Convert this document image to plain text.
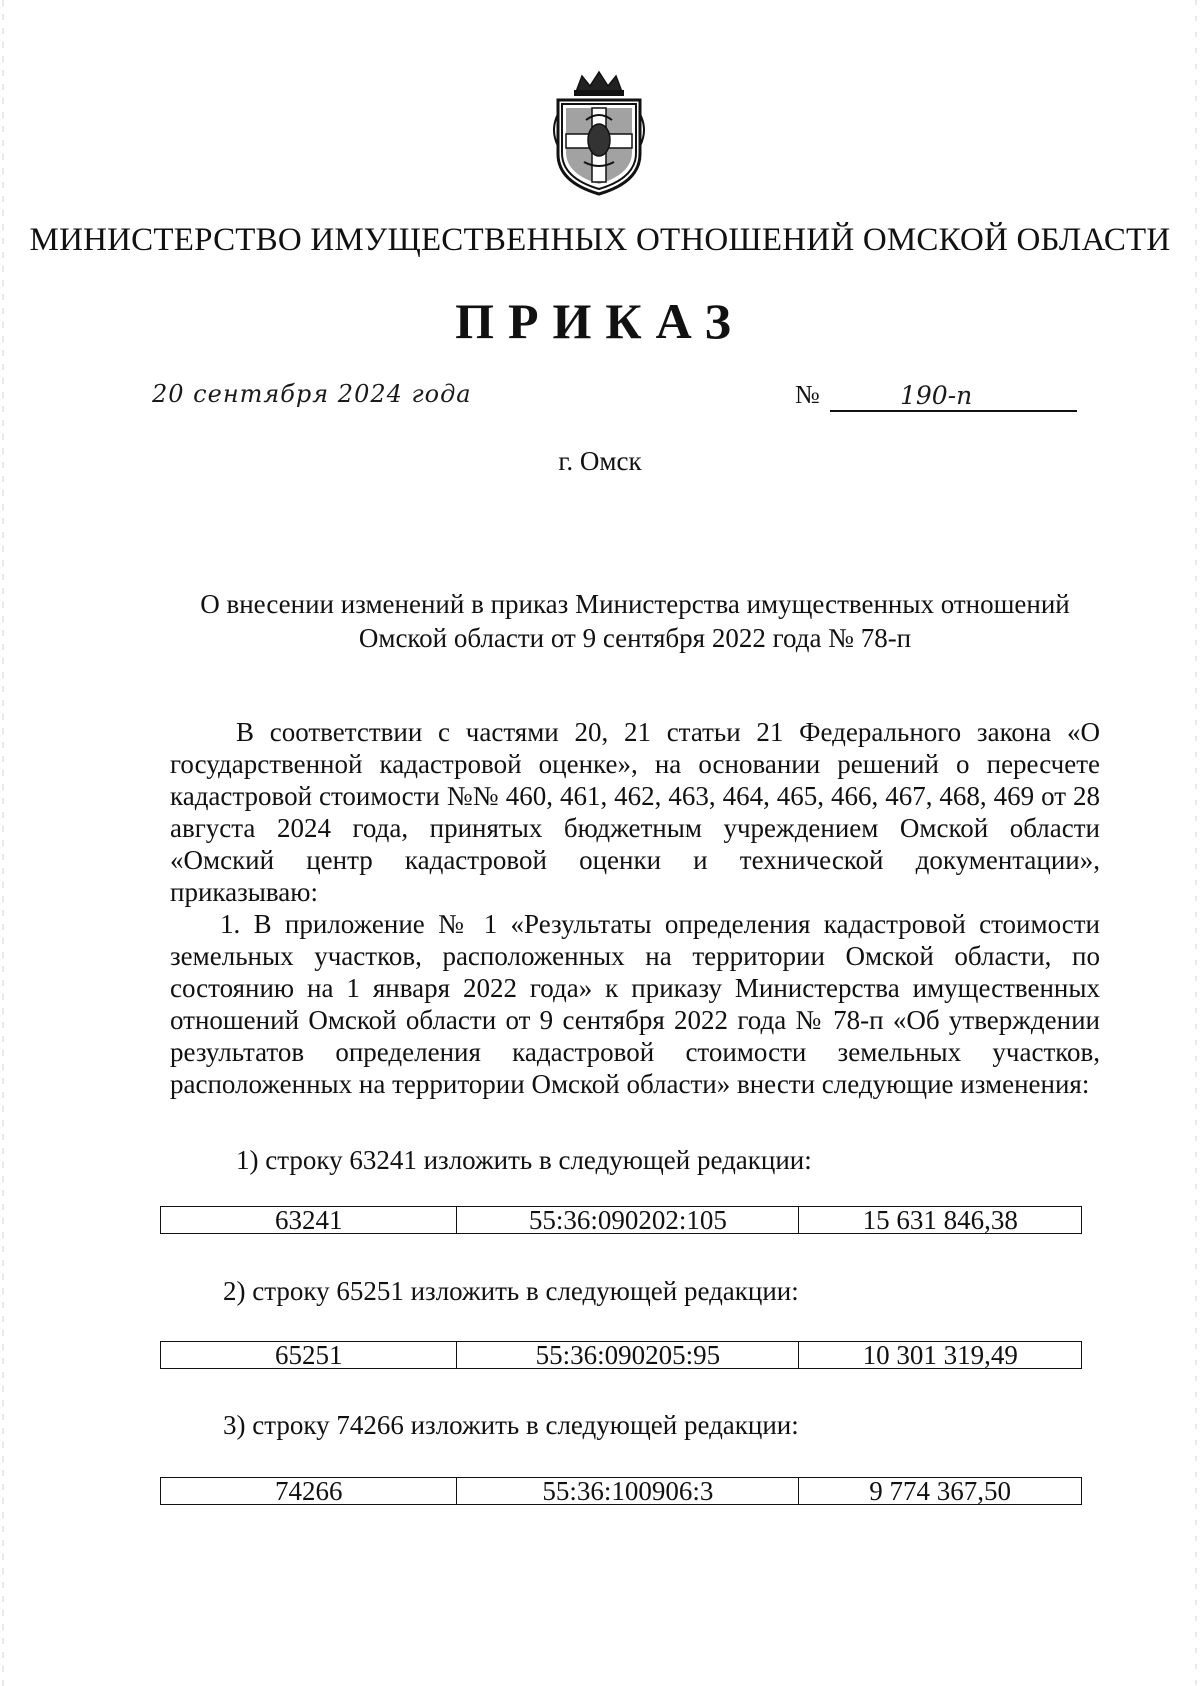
МИНИСТЕРСТВО ИМУЩЕСТВЕННЫХ ОТНОШЕНИЙ ОМСКОЙ ОБЛАСТИ
ПРИКАЗ
20 сентября 2024 года	№	190-п
г. Омск
О внесении изменений в приказ Министерства имущественных отношений
Омской области от 9 сентября 2022 года № 78-п

В соответствии с частями 20, 21 статьи 21 Федерального закона «О государственной кадастровой оценке», на основании решений о пересчете кадастровой стоимости №№ 460, 461, 462, 463, 464, 465, 466, 467, 468, 469 от 28 августа 2024 года, принятых бюджетным учреждением Омской области «Омский центр кадастровой оценки и технической документации», приказываю:

1. В приложение № 1 «Результаты определения кадастровой стоимости земельных участков, расположенных на территории Омской области, по состоянию на 1 января 2022 года» к приказу Министерства имущественных отношений Омской области от 9 сентября 2022 года № 78-п «Об утверждении результатов определения кадастровой стоимости земельных участков, расположенных на территории Омской области» внести следующие изменения:

1) строку 63241 изложить в следующей редакции:
63241	55:36:090202:105	15 631 846,38
2) строку 65251 изложить в следующей редакции:
65251	55:36:090205:95	10 301 319,49
3) строку 74266 изложить в следующей редакции:
74266	55:36:100906:3	9 774 367,50
